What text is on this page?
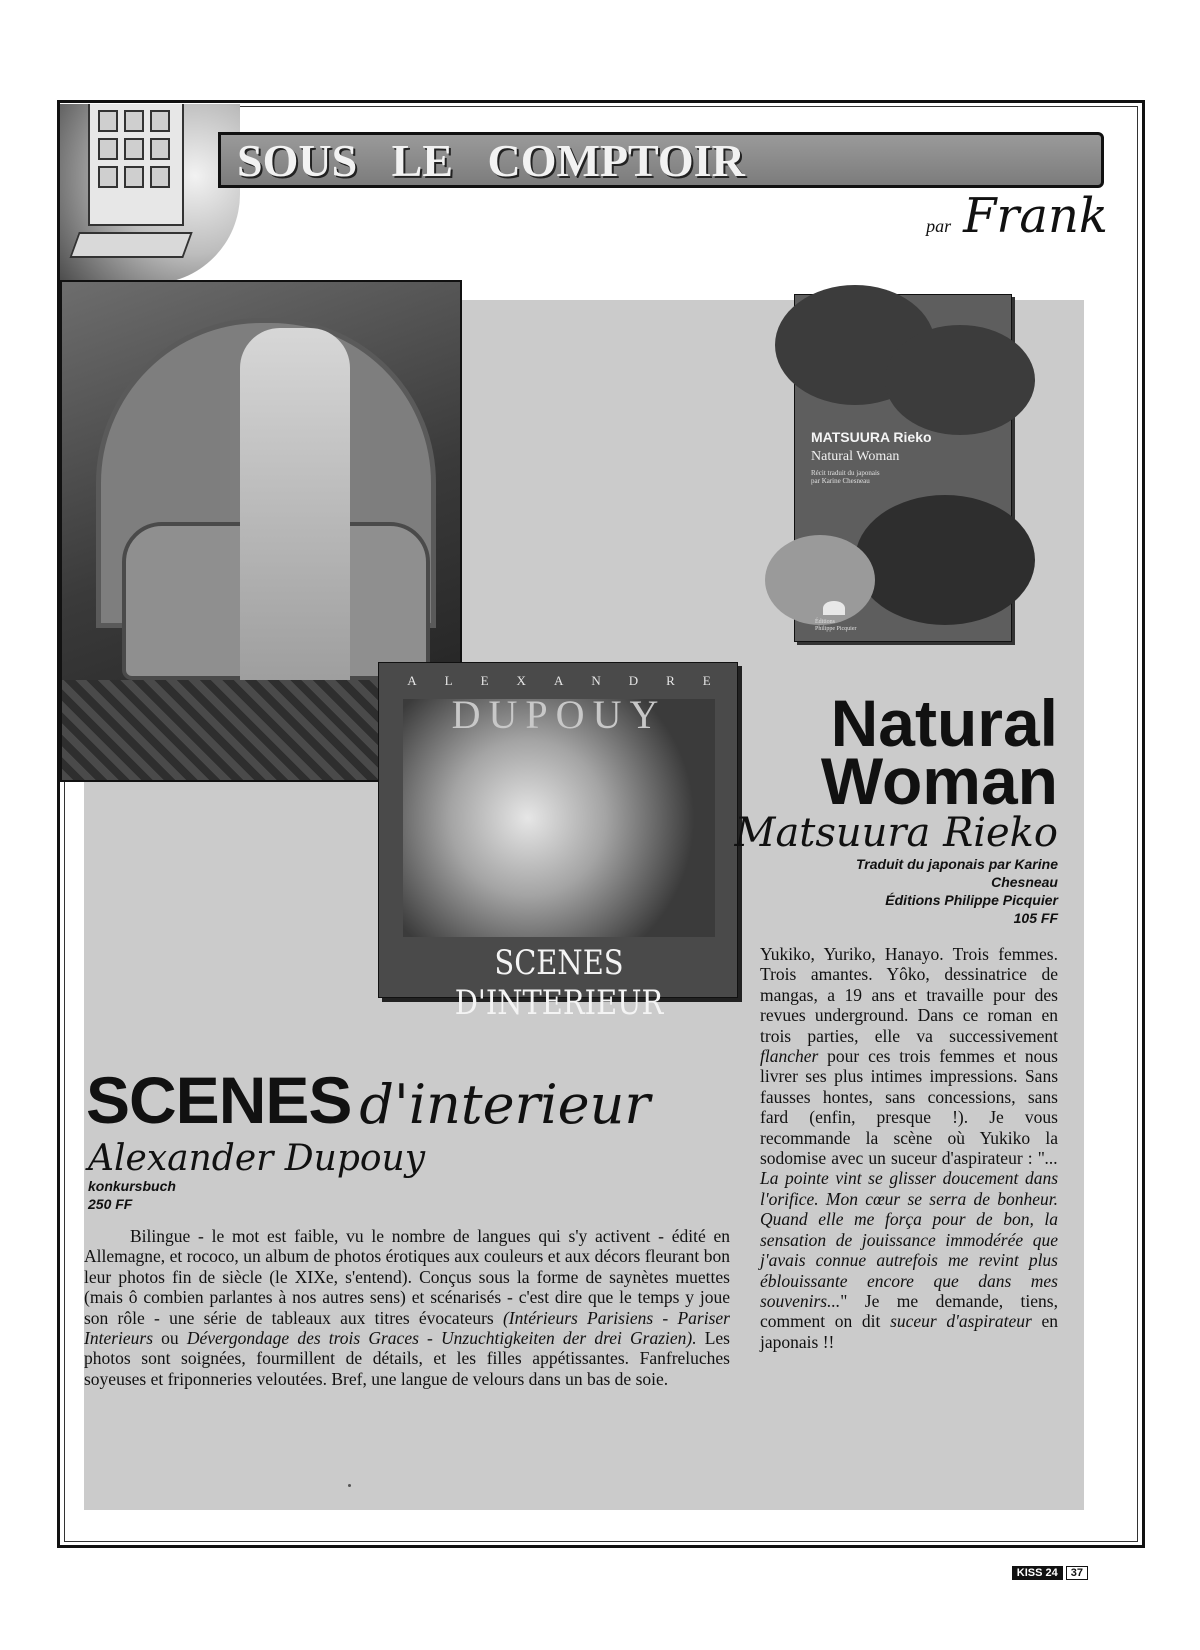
SOUS   LE   COMPTOIR
par Frank
ALEXANDRE
DUPOUY
SCENES D'INTERIEUR
MATSUURA Rieko
Natural Woman
Récit traduit du japonais
par Karine Chesneau
Éditions
Philippe Picquier
Natural
Woman
Matsuura Rieko
Traduit du japonais par Karine
Chesneau
Éditions Philippe Picquier
105 FF
Yukiko, Yuriko, Hanayo. Trois femmes. Trois amantes. Yôko, dessinatrice de mangas, a 19 ans et travaille pour des revues underground. Dans ce roman en trois parties, elle va successivement flancher pour ces trois femmes et nous livrer ses plus intimes impressions. Sans fausses hontes, sans concessions, sans fard (enfin, presque !). Je vous recommande la scène où Yukiko la sodomise avec un suceur d'aspirateur : "... La pointe vint se glisser doucement dans l'orifice. Mon cœur se serra de bonheur. Quand elle me força pour de bon, la sensation de jouissance immodérée que j'avais connue autrefois me revint plus éblouissante encore que dans mes souvenirs..." Je me demande, tiens, comment on dit suceur d'aspirateur en japonais !!
SCENES d'interieur
Alexander Dupouy
konkursbuch
250 FF

Bilingue - le mot est faible, vu le nombre de langues qui s'y activent - édité en Allemagne, et rococo, un album de photos érotiques aux couleurs et aux décors fleurant bon leur photos fin de siècle (le XIXe, s'entend). Conçus sous la forme de saynètes muettes (mais ô combien parlantes à nos autres sens) et scénarisés - c'est dire que le temps y joue son rôle - une série de tableaux aux titres évocateurs (Intérieurs Parisiens - Pariser Interieurs ou Dévergondage des trois Graces - Unzuchtigkeiten der drei Grazien). Les photos sont soignées, fourmillent de détails, et les filles appétissantes. Fanfreluches soyeuses et friponneries veloutées. Bref, une langue de velours dans un bas de soie.

KISS 24	37
